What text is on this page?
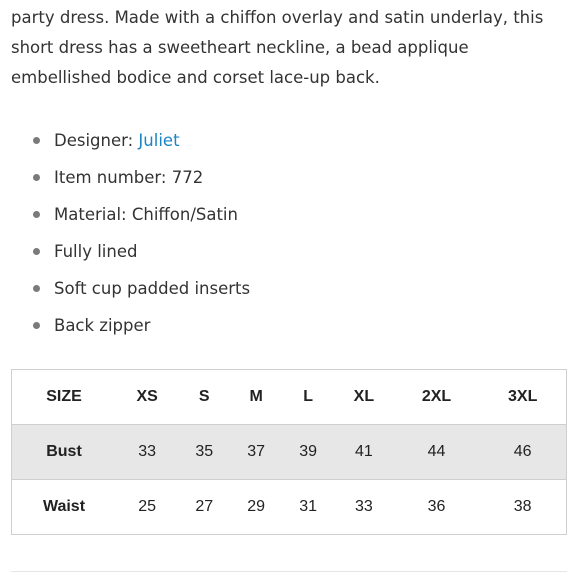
party dress. Made with a chiffon overlay and satin underlay, this
short dress has a sweetheart neckline, a bead applique
embellished bodice and corset lace-up back.

Designer: Juliet
Item number: 772
Material: Chiffon/Satin
Fully lined
Soft cup padded inserts
Back zipper
SIZE	XS	S	M	L	XL	2XL	3XL
Bust	33	35	37	39	41	44	46
Waist	25	27	29	31	33	36	38
